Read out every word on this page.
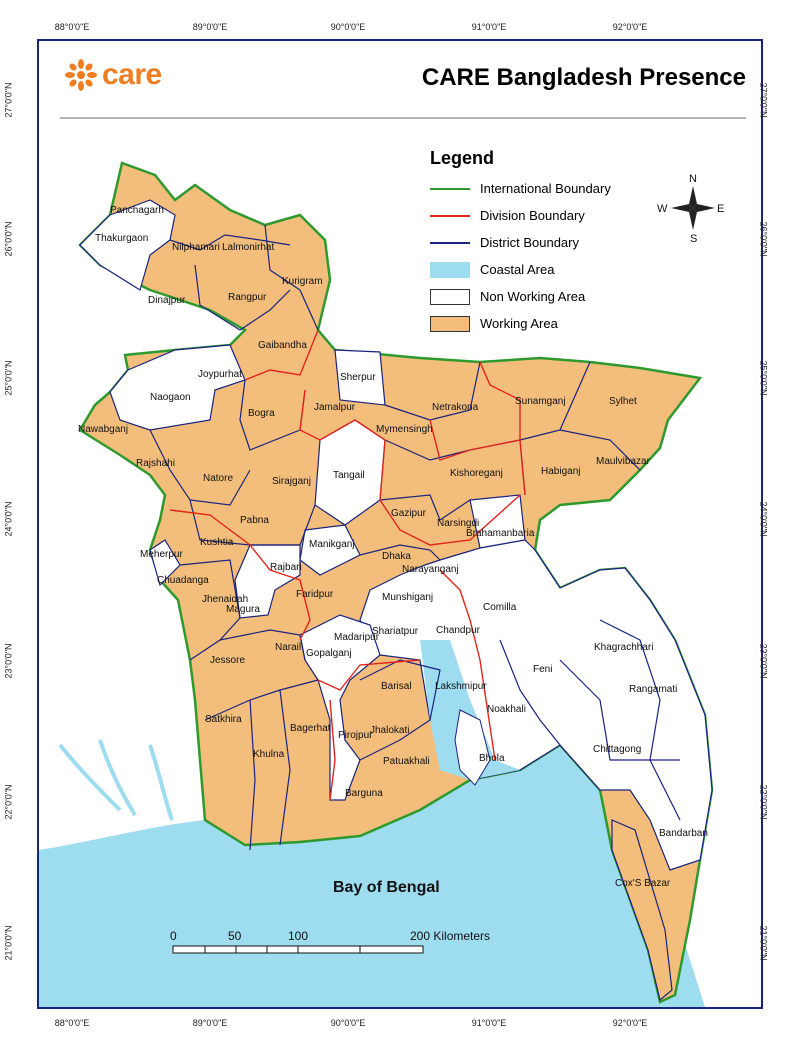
Panchagarh
Thakurgaon
Nilphamari Lalmonirhat
Dinajpur	Rangpur
Kurigram
Gaibandha
Joypurhat
Naogaon
Nawabganj
Bogra
Rajshahi
Natore	Sirajganj
Pabna
Jamalpur
Sherpur
Netrakona
Sunamganj	Sylhet
Mymensingh
Tangail	Kishoreganj	Habiganj
Maulvibazar
Gazipur
Narsingdi
Brahamanbaria
Manikganj
Dhaka
Narayanganj
Kushtia
Meherpur
Chuadanga
Rajbari
Jhenaidah
Magura
Faridpur	Munshiganj
Comilla
Shariatpur
Madaripur
Chandpur
Narail
Gopalganj
Khagrachhari
Jessore
Feni
Rangamati
Lakshmipur
Barisal
Noakhali
Satkhira
Bagerhat	Jhalokati
Pirojpur
Khulna	Bhola
Chittagong
Patuakhali
Barguna
Bandarban
Cox'S Bazar
Bay of Bengal
0	50	100	200 Kilometers
N
S
E
W
88°0'0"E	89°0'0"E	90°0'0"E	91°0'0"E	92°0'0"E
88°0'0"E	89°0'0"E	90°0'0"E	91°0'0"E	92°0'0"E
27°0'0"N
26°0'0"N
25°0'0"N
24°0'0"N
23°0'0"N
22°0'0"N
21°0'0"N
27°0'0"N
26°0'0"N
25°0'0"N
24°0'0"N
23°0'0"N
22°0'0"N
21°0'0"N
care	CARE Bangladesh Presence
Legend
International Boundary
Division Boundary
District Boundary
Coastal Area
Non Working Area
Working Area
